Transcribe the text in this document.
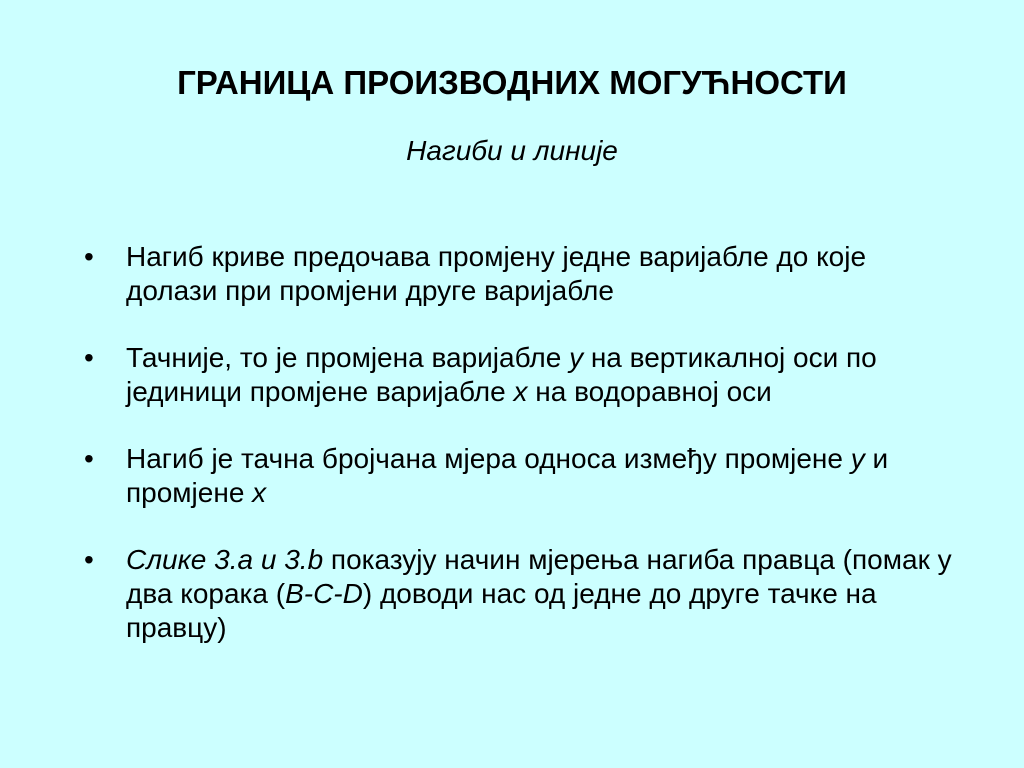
ГРАНИЦА ПРОИЗВОДНИХ МОГУЋНОСТИ
Нагиби и линије
• Нагиб криве предочава промјену једне варијабле до које долази при промјени друге варијабле
• Тачније, то је промјена варијабле y на вертикалној оси по јединици промјене варијабле x на водоравној оси
• Нагиб је тачна бројчана мјера односа између промјене y и промјене x
• Слике 3.a и 3.b показују начин мјерења нагиба правца (помак у два корака (B-C-D) доводи нас од једне до друге тачке на правцу)
